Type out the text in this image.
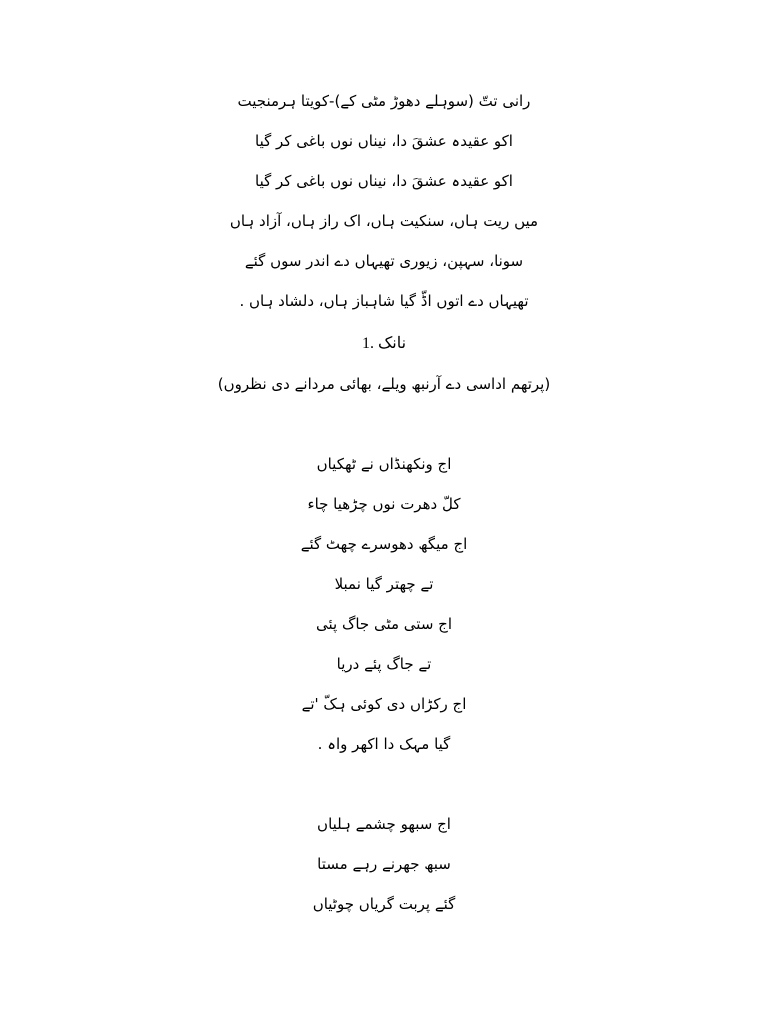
رانی تتّ (سوہلے دھوڑ مٹی کے)-کویتا ہرمنجیت
اکو عقیدہ عشقَ دا، نیناں نوں باغی کر گیا
اکو عقیدہ عشقَ دا، نیناں نوں باغی کر گیا
میں ریت ہاں، سنکیت ہاں، اک راز ہاں، آزاد ہاں
سونا، سہپن، زیوری تھیہاں دے اندر سوں گئے
تھیہاں دے اتوں اڈّ گیا شاہباز ہاں، دلشاد ہاں .
نانک .1
(پرتھم اداسی دے آرنبھ ویلے، بھائی مردانے دی نظروں)
اج ونکھنڈاں نے ٹھکیاں
کلّ دھرت نوں چڑھیا چاء
اج میگھ دھوسرے چھٹ گئے
تے چھتر گیا نمبلا
اج ستی مٹی جاگ پئی
تے جاگ پئے دریا
اج رکڑاں دی کوئی ہکّ 'تے
گیا مہک دا اکھر واہ .
اج سبھو چشمے ہلیاں
سبھ جھرنے رہے مستا
گئے پربت گریاں چوٹیاں
